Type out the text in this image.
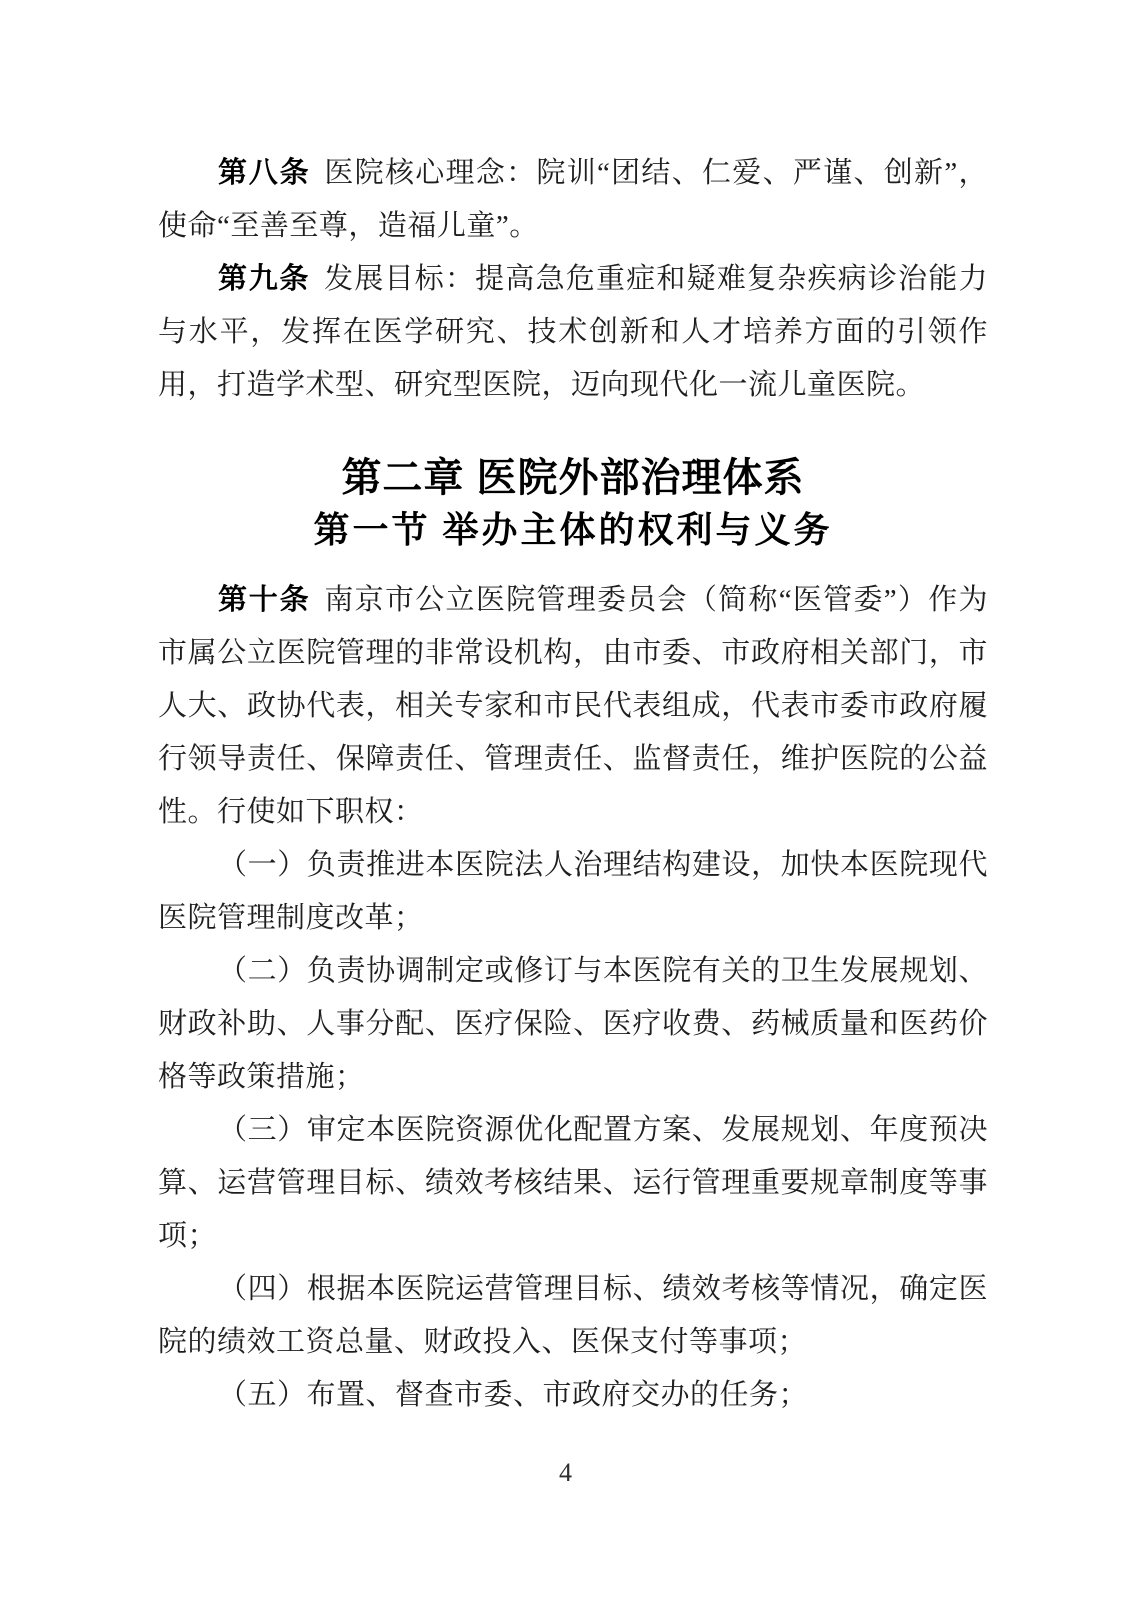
第八条 医院核心理念：院训“团结、仁爱、严谨、创新”，使命“至善至尊，造福儿童”。

第九条 发展目标：提高急危重症和疑难复杂疾病诊治能力与水平，发挥在医学研究、技术创新和人才培养方面的引领作用，打造学术型、研究型医院，迈向现代化一流儿童医院。

第二章 医院外部治理体系
第一节 举办主体的权利与义务

第十条 南京市公立医院管理委员会（简称“医管委”）作为市属公立医院管理的非常设机构，由市委、市政府相关部门，市人大、政协代表，相关专家和市民代表组成，代表市委市政府履行领导责任、保障责任、管理责任、监督责任，维护医院的公益性。行使如下职权：

（一）负责推进本医院法人治理结构建设，加快本医院现代医院管理制度改革；

（二）负责协调制定或修订与本医院有关的卫生发展规划、财政补助、人事分配、医疗保险、医疗收费、药械质量和医药价格等政策措施；

（三）审定本医院资源优化配置方案、发展规划、年度预决算、运营管理目标、绩效考核结果、运行管理重要规章制度等事项；

（四）根据本医院运营管理目标、绩效考核等情况，确定医院的绩效工资总量、财政投入、医保支付等事项；

（五）布置、督查市委、市政府交办的任务；

4
